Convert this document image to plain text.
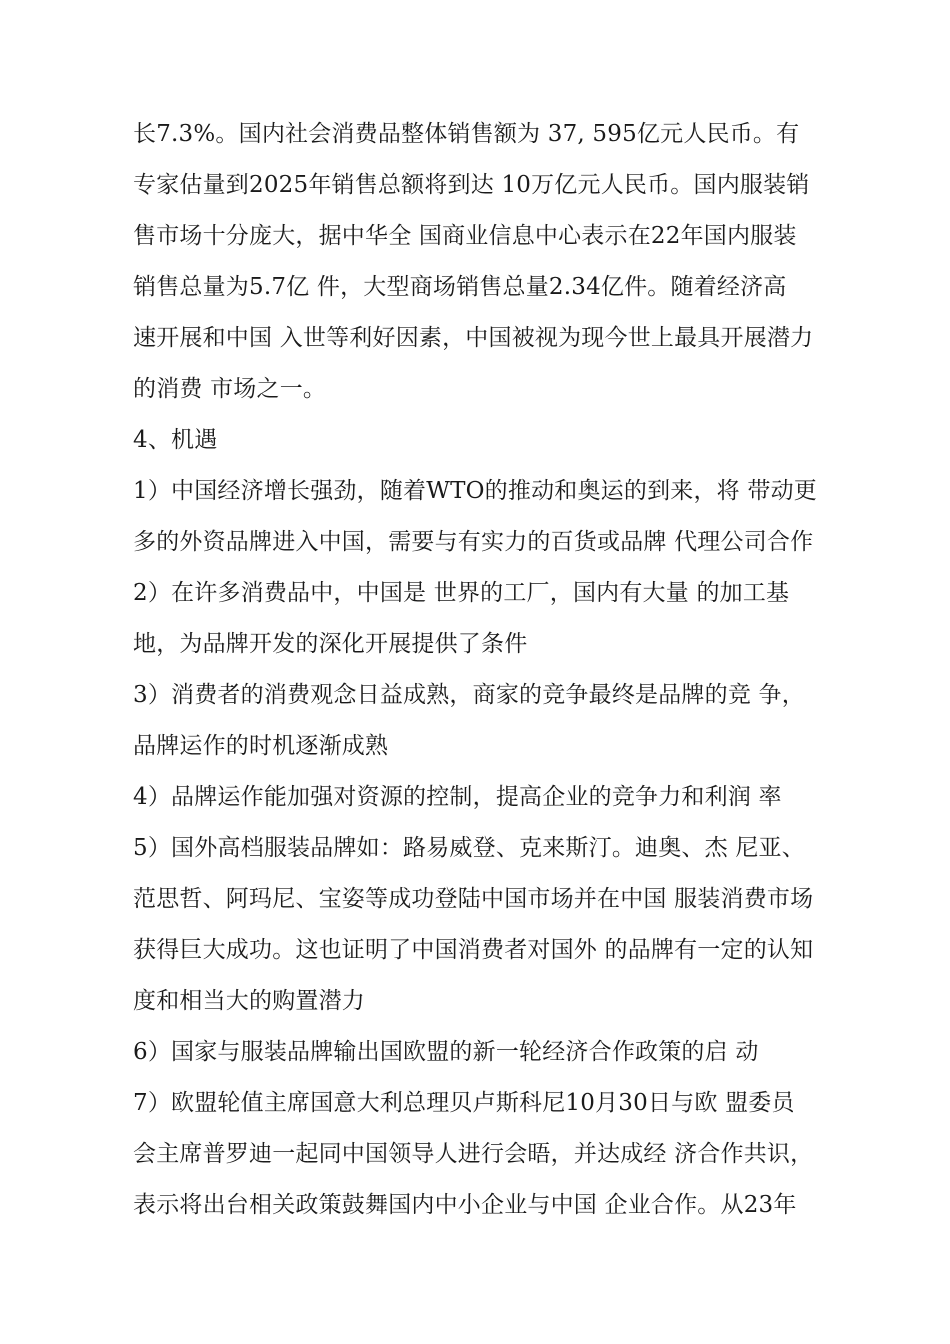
长7.3%。国内社会消费品整体销售额为 37, 595亿元人民币。有
专家估量到2025年销售总额将到达 10万亿元人民币。国内服装销
售市场十分庞大，据中华全 国商业信息中心表示在22年国内服装
销售总量为5.7亿 件，大型商场销售总量2.34亿件。随着经济高
速开展和中国 入世等利好因素，中国被视为现今世上最具开展潜力
的消费 市场之一。
4、机遇
1）中国经济增长强劲，随着WTO的推动和奥运的到来，将 带动更
多的外资品牌进入中国，需要与有实力的百货或品牌 代理公司合作
2）在许多消费品中，中国是 世界的工厂，国内有大量 的加工基
地，为品牌开发的深化开展提供了条件
3）消费者的消费观念日益成熟，商家的竞争最终是品牌的竞 争，
品牌运作的时机逐渐成熟
4）品牌运作能加强对资源的控制，提高企业的竞争力和利润 率
5）国外高档服装品牌如：路易威登、克来斯汀。迪奥、杰 尼亚、
范思哲、阿玛尼、宝姿等成功登陆中国市场并在中国 服装消费市场
获得巨大成功。这也证明了中国消费者对国外 的品牌有一定的认知
度和相当大的购置潜力
6）国家与服装品牌输出国欧盟的新一轮经济合作政策的启 动
7）欧盟轮值主席国意大利总理贝卢斯科尼10月30日与欧 盟委员
会主席普罗迪一起同中国领导人进行会晤，并达成经 济合作共识，
表示将出台相关政策鼓舞国内中小企业与中国 企业合作。从23年
